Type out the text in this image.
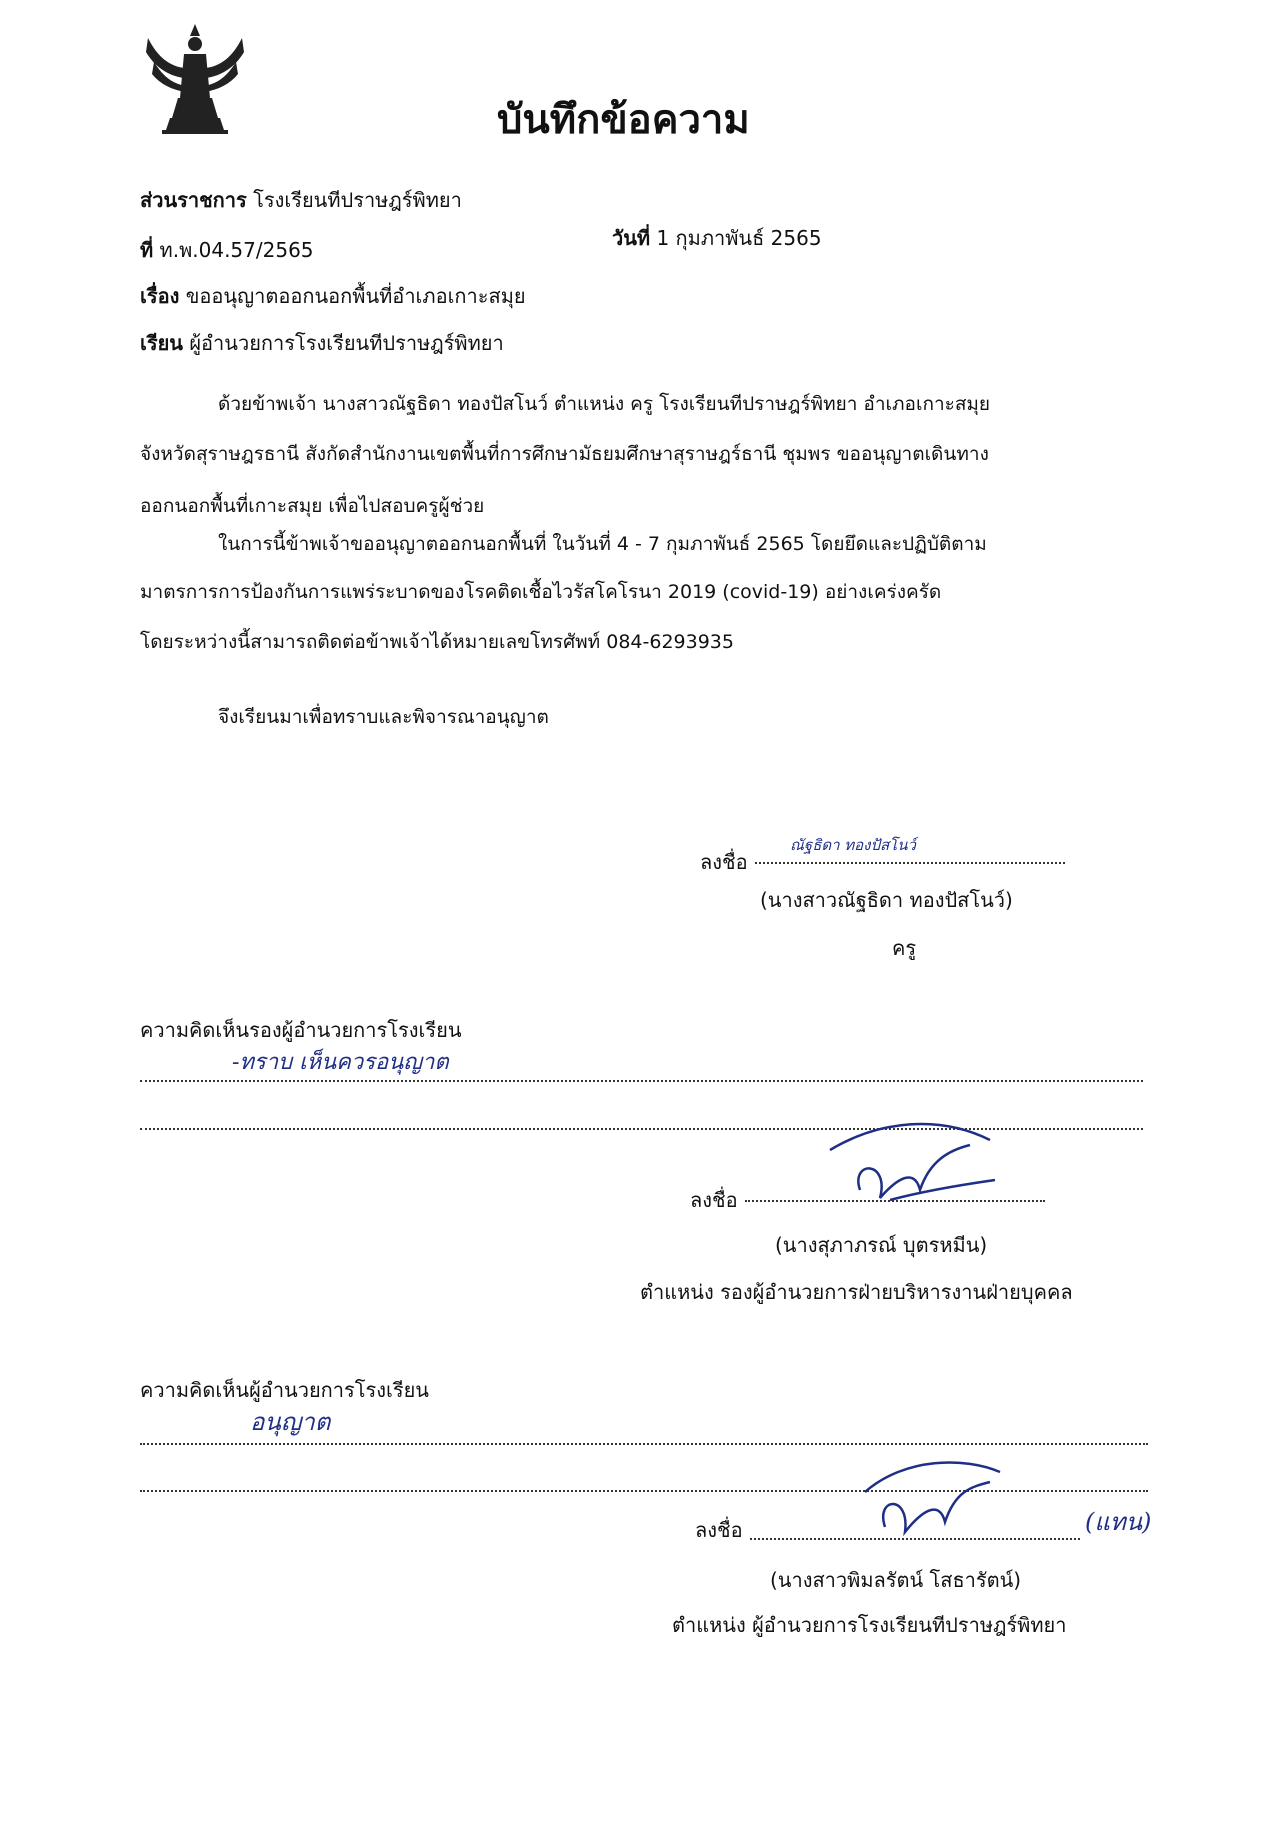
บันทึกข้อความ
ส่วนราชการ โรงเรียนทีปราษฎร์พิทยา
ที่ ท.พ.04.57/2565	วันที่ 1 กุมภาพันธ์ 2565
เรื่อง ขออนุญาตออกนอกพื้นที่อำเภอเกาะสมุย
เรียน ผู้อำนวยการโรงเรียนทีปราษฎร์พิทยา
ด้วยข้าพเจ้า นางสาวณัฐธิดา ทองปัสโนว์ ตำแหน่ง ครู โรงเรียนทีปราษฎร์พิทยา อำเภอเกาะสมุย
จังหวัดสุราษฎรธานี สังกัดสำนักงานเขตพื้นที่การศึกษามัธยมศึกษาสุราษฎร์ธานี ชุมพร ขออนุญาตเดินทาง
ออกนอกพื้นที่เกาะสมุย เพื่อไปสอบครูผู้ช่วย
ในการนี้ข้าพเจ้าขออนุญาตออกนอกพื้นที่ ในวันที่ 4 - 7 กุมภาพันธ์ 2565 โดยยึดและปฏิบัติตาม
มาตรการการป้องกันการแพร่ระบาดของโรคติดเชื้อไวรัสโคโรนา 2019 (covid-19) อย่างเคร่งครัด
โดยระหว่างนี้สามารถติดต่อข้าพเจ้าได้หมายเลขโทรศัพท์ 084-6293935
จึงเรียนมาเพื่อทราบและพิจารณาอนุญาต
ลงชื่อ
ณัฐธิดา ทองปัสโนว์
(นางสาวณัฐธิดา ทองปัสโนว์)
ครู
ความคิดเห็นรองผู้อำนวยการโรงเรียน
-ทราบ เห็นควรอนุญาต
ลงชื่อ
(นางสุภาภรณ์ บุตรหมีน)
ตำแหน่ง รองผู้อำนวยการฝ่ายบริหารงานฝ่ายบุคคล
ความคิดเห็นผู้อำนวยการโรงเรียน
อนุญาต
ลงชื่อ	(แทน)
(นางสาวพิมลรัตน์ โสธารัตน์)
ตำแหน่ง ผู้อำนวยการโรงเรียนทีปราษฎร์พิทยา
